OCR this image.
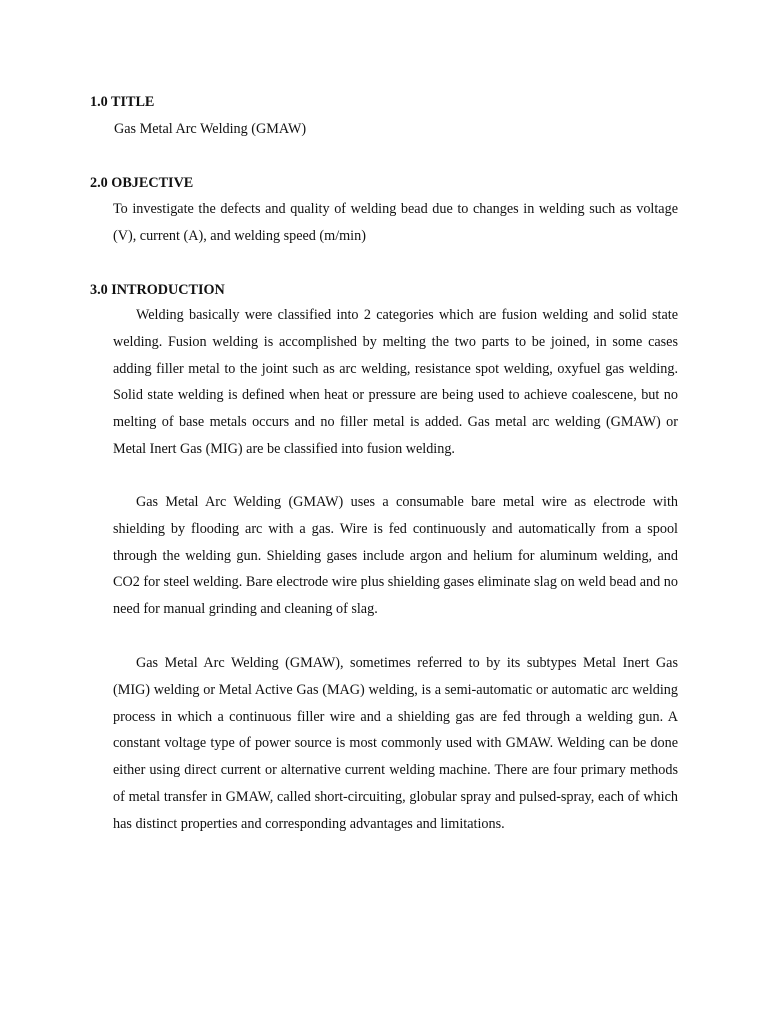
1.0 TITLE
Gas Metal Arc Welding (GMAW)
2.0 OBJECTIVE

To investigate the defects and quality of welding bead due to changes in welding such as voltage (V), current (A), and welding speed (m/min)

3.0 INTRODUCTION

Welding basically were classified into 2 categories which are fusion welding and solid state welding. Fusion welding is accomplished by melting the two parts to be joined, in some cases adding filler metal to the joint such as arc welding, resistance spot welding, oxyfuel gas welding. Solid state welding is defined when heat or pressure are being used to achieve coalescene, but no melting of base metals occurs and no filler metal is added. Gas metal arc welding (GMAW) or Metal Inert Gas (MIG) are be classified into fusion welding.

Gas Metal Arc Welding (GMAW) uses a consumable bare metal wire as electrode with shielding by flooding arc with a gas. Wire is fed continuously and automatically from a spool through the welding gun. Shielding gases include argon and helium for aluminum welding, and CO2 for steel welding. Bare electrode wire plus shielding gases eliminate slag on weld bead and no need for manual grinding and cleaning of slag.

Gas Metal Arc Welding (GMAW), sometimes referred to by its subtypes Metal Inert Gas (MIG) welding or Metal Active Gas (MAG) welding, is a semi-automatic or automatic arc welding process in which a continuous filler wire and a shielding gas are fed through a welding gun. A constant voltage type of power source is most commonly used with GMAW. Welding can be done either using direct current or alternative current welding machine. There are four primary methods of metal transfer in GMAW, called short-circuiting, globular spray and pulsed-spray, each of which has distinct properties and corresponding advantages and limitations.
